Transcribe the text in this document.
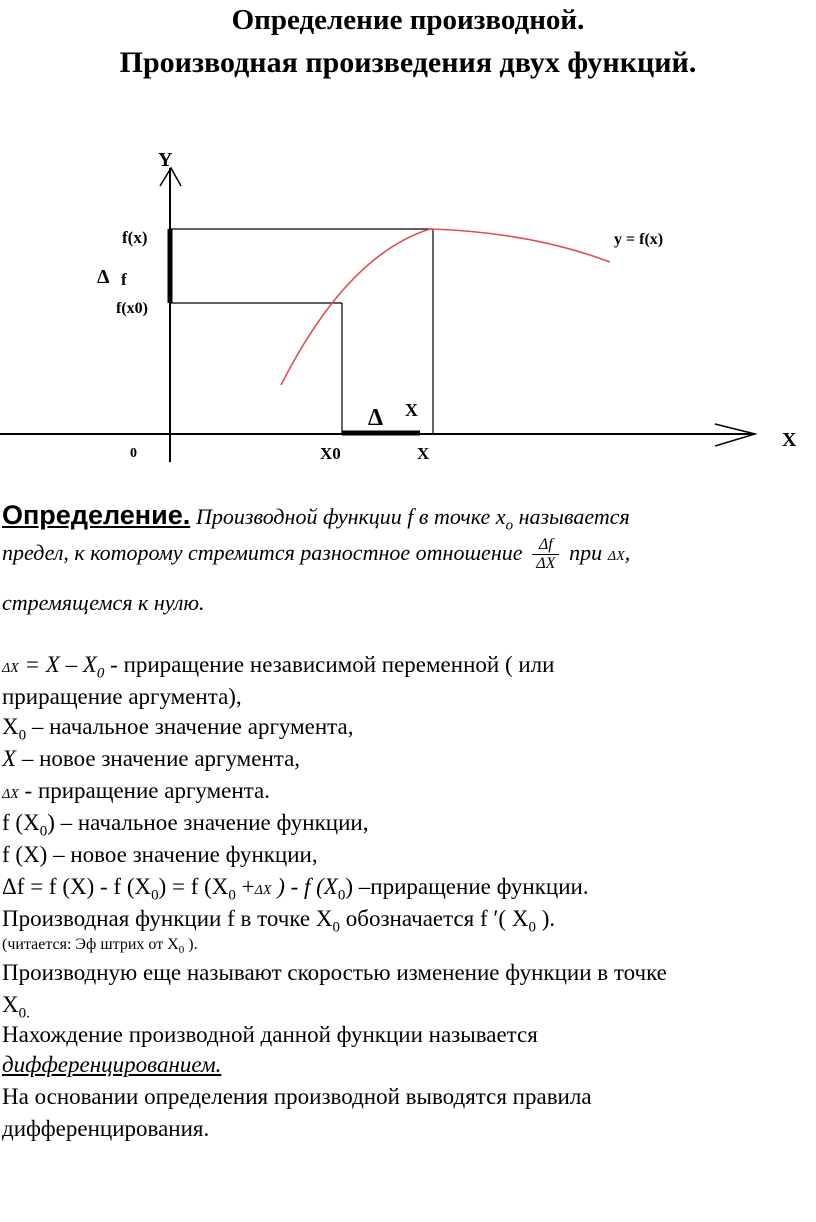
Определение производной.
Производная произведения двух функций.
Y
X
0
f(x)
f(x0)
Δ f
X0	X
Δ X
y = f(x)
Определение. Производной функции f в точке $x_o$ называется
предел, к которому стремится разностное отношение $\frac{\Delta f}{\Delta X}$ при ΔX,
стремящемся к нулю.
$\Delta X = X - X_0$ - приращение независимой переменной ( или
приращение аргумента),
$X_0$ – начальное значение аргумента,
X – новое значение аргумента,
ΔX - приращение аргумента.
f $(X_0)$ – начальное значение функции,
f (X) – новое значение функции,
Δf = f (X) - f $(X_0) = f$ ($X_0 +\Delta X$ ) - f $(X_0)$ –приращение функции.
Производная функции f в точке $X_0$ обозначается f ′( $X_0$ ).
(читается: Эф штрих от $X_0$ ).
Производную еще называют скоростью изменение функции в точке
$X_{0.}$
Нахождение производной данной функции называется
дифференцированием.
На основании определения производной выводятся правила
дифференцирования.
